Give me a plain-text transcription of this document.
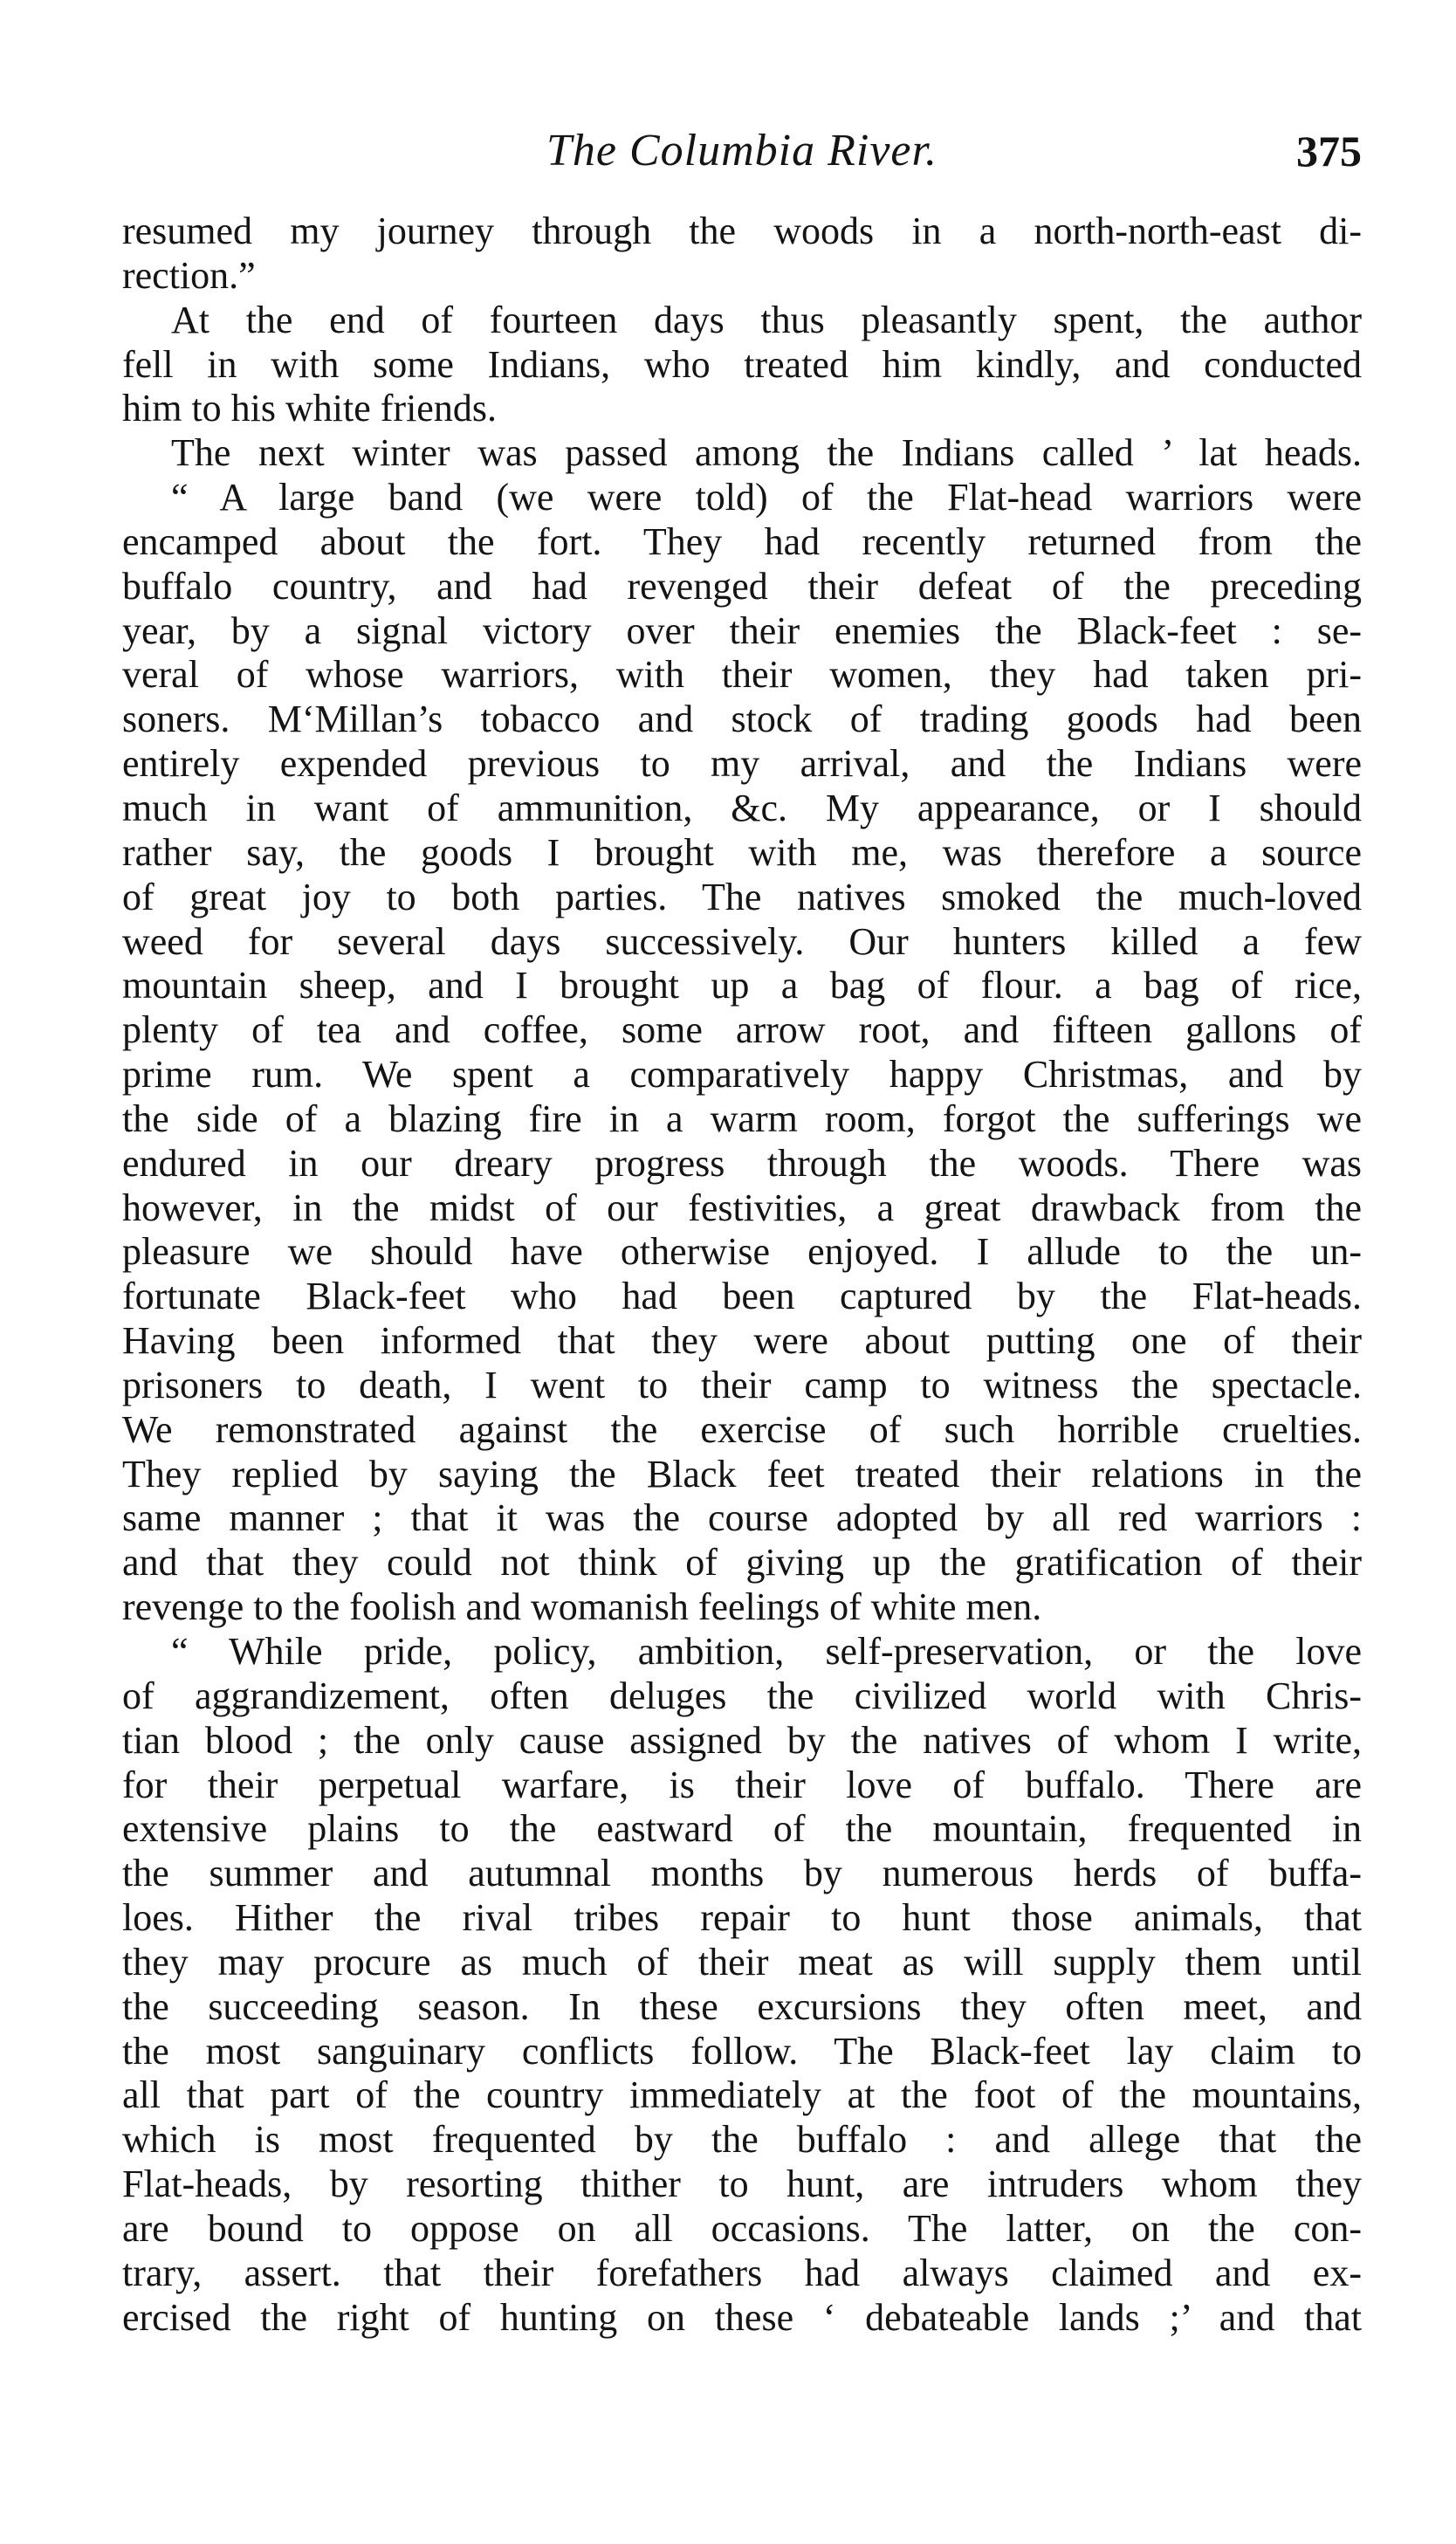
The Columbia River.	375
resumed my journey through the woods in a north-north-east di-
rection.”
At the end of fourteen days thus pleasantly spent, the author
fell in with some Indians, who treated him kindly, and conducted
him to his white friends.
The next winter was passed among the Indians called ’ lat heads.
“ A large band (we were told) of the Flat-head warriors were
encamped about the fort. They had recently returned from the
buffalo country, and had revenged their defeat of the preceding
year, by a signal victory over their enemies the Black-feet : se-
veral of whose warriors, with their women, they had taken pri-
soners. M‘Millan’s tobacco and stock of trading goods had been
entirely expended previous to my arrival, and the Indians were
much in want of ammunition, &c. My appearance, or I should
rather say, the goods I brought with me, was therefore a source
of great joy to both parties. The natives smoked the much-loved
weed for several days successively. Our hunters killed a few
mountain sheep, and I brought up a bag of flour. a bag of rice,
plenty of tea and coffee, some arrow root, and fifteen gallons of
prime rum. We spent a comparatively happy Christmas, and by
the side of a blazing fire in a warm room, forgot the sufferings we
endured in our dreary progress through the woods. There was
however, in the midst of our festivities, a great drawback from the
pleasure we should have otherwise enjoyed. I allude to the un-
fortunate Black-feet who had been captured by the Flat-heads.
Having been informed that they were about putting one of their
prisoners to death, I went to their camp to witness the spectacle.
We remonstrated against the exercise of such horrible cruelties.
They replied by saying the Black feet treated their relations in the
same manner ; that it was the course adopted by all red warriors :
and that they could not think of giving up the gratification of their
revenge to the foolish and womanish feelings of white men.
“ While pride, policy, ambition, self-preservation, or the love
of aggrandizement, often deluges the civilized world with Chris-
tian blood ; the only cause assigned by the natives of whom I write,
for their perpetual warfare, is their love of buffalo. There are
extensive plains to the eastward of the mountain, frequented in
the summer and autumnal months by numerous herds of buffa-
loes. Hither the rival tribes repair to hunt those animals, that
they may procure as much of their meat as will supply them until
the succeeding season. In these excursions they often meet, and
the most sanguinary conflicts follow. The Black-feet lay claim to
all that part of the country immediately at the foot of the mountains,
which is most frequented by the buffalo : and allege that the
Flat-heads, by resorting thither to hunt, are intruders whom they
are bound to oppose on all occasions. The latter, on the con-
trary, assert. that their forefathers had always claimed and ex-
ercised the right of hunting on these ‘ debateable lands ;’ and that
